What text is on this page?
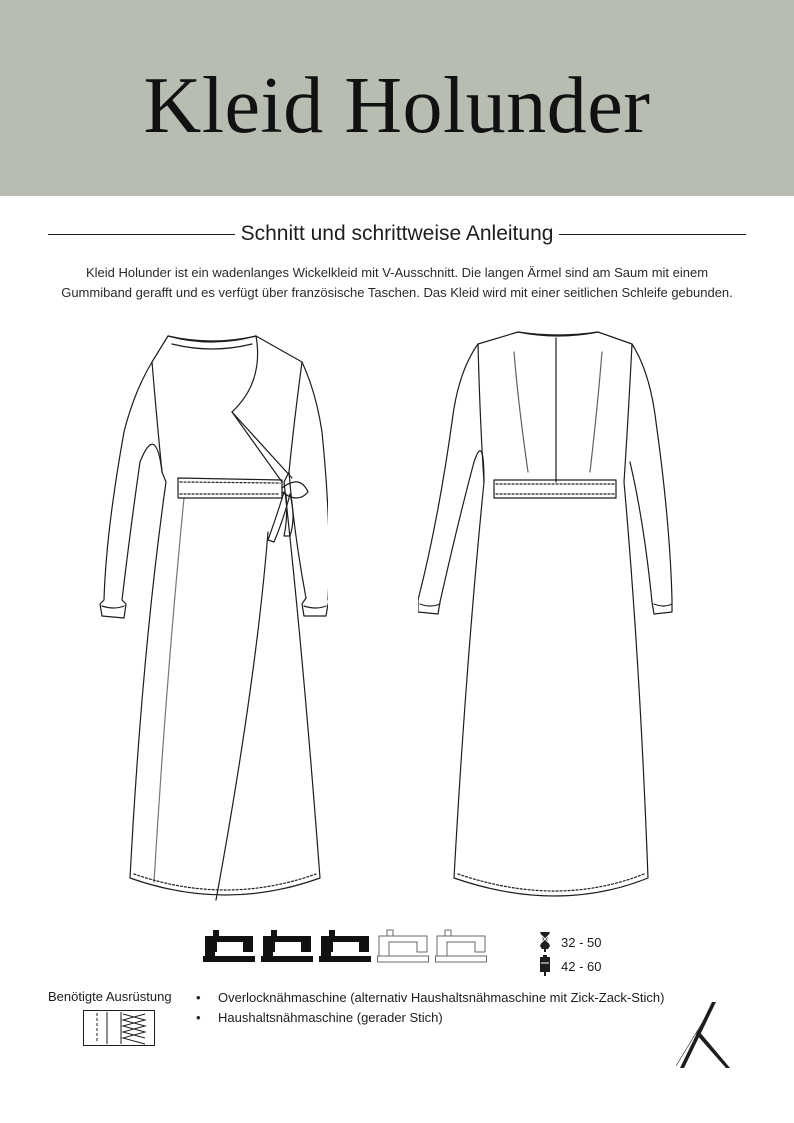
Kleid Holunder
Schnitt und schrittweise Anleitung
Kleid Holunder ist ein wadenlanges Wickelkleid mit V-Ausschnitt. Die langen Ärmel sind am Saum mit einem Gummiband gerafft und es verfügt über französische Taschen. Das Kleid wird mit einer seitlichen Schleife gebunden.
32 - 50
42 - 60
Benötigte Ausrüstung
•	Overlocknähmaschine (alternativ Haushaltsnähmaschine mit Zick-Zack-Stich)
• Haushaltsnähmaschine (gerader Stich)
